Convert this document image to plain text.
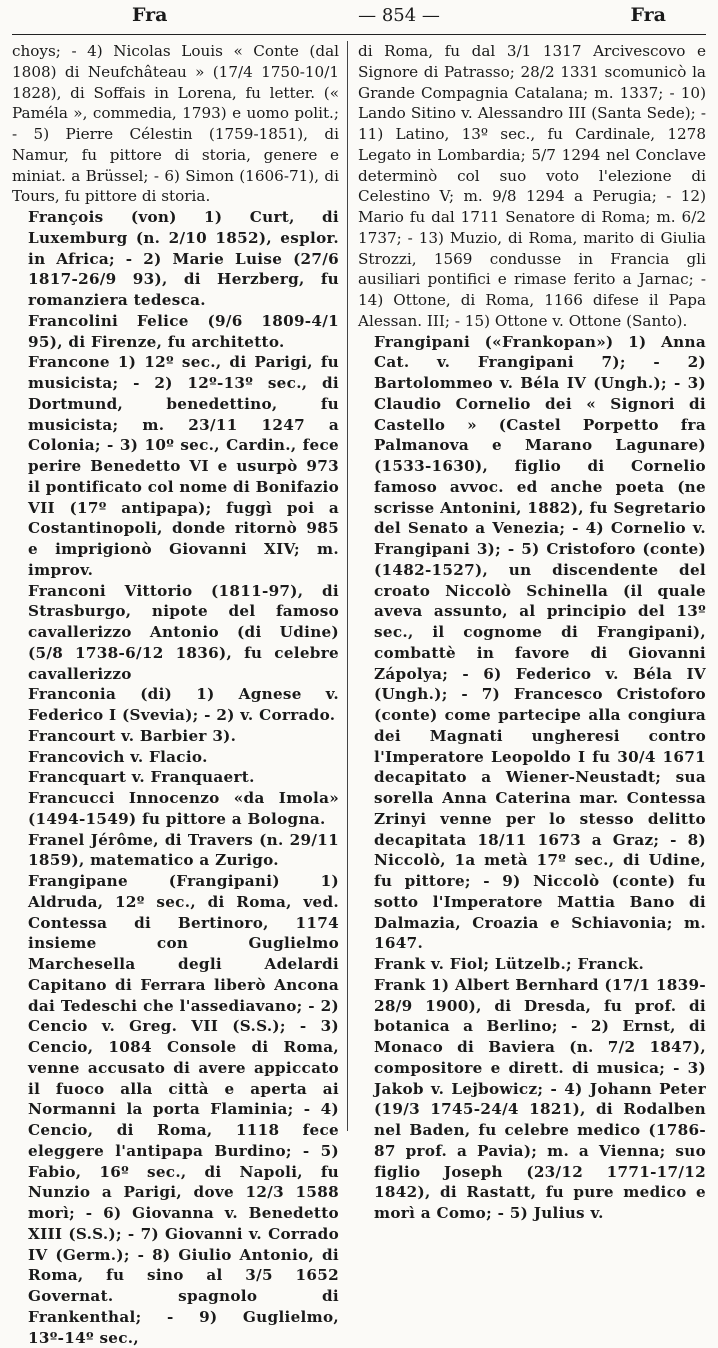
Fra	— 854 —	Fra

choys; - 4) Nicolas Louis « Conte (dal 1808) di Neufchâteau » (17/4 1750-10/1 1828), di Soffais in Lorena, fu letter. (« Paméla », commedia, 1793) e uomo polit.; - 5) Pierre Célestin (1759-1851), di Namur, fu pittore di storia, genere e miniat. a Brüssel; - 6) Simon (1606-71), di Tours, fu pittore di storia.

François (von) 1) Curt, di Luxemburg (n. 2/10 1852), esplor. in Africa; - 2) Marie Luise (27/6 1817-26/9 93), di Herzberg, fu romanziera tedesca.

Francolini Felice (9/6 1809-4/1 95), di Firenze, fu architetto.

Francone 1) 12º sec., di Parigi, fu musicista; - 2) 12º-13º sec., di Dortmund, benedettino, fu musicista; m. 23/11 1247 a Colonia; - 3) 10º sec., Cardin., fece perire Benedetto VI e usurpò 973 il pontificato col nome di Bonifazio VII (17º antipapa); fuggì poi a Costantinopoli, donde ritornò 985 e imprigionò Giovanni XIV; m. improv.

Franconi Vittorio (1811-97), di Strasburgo, nipote del famoso cavallerizzo Antonio (di Udine) (5/8 1738-6/12 1836), fu celebre cavallerizzo

Franconia (di) 1) Agnese v. Federico I (Svevia); - 2) v. Corrado.

Francourt v. Barbier 3).

Francovich v. Flacio.

Francquart v. Franquaert.

Francucci Innocenzo «da Imola» (1494-1549) fu pittore a Bologna.

Franel Jérôme, di Travers (n. 29/11 1859), matematico a Zurigo.

Frangipane (Frangipani) 1) Aldruda, 12º sec., di Roma, ved. Contessa di Bertinoro, 1174 insieme con Guglielmo Marchesella degli Adelardi Capitano di Ferrara liberò Ancona dai Tedeschi che l'assediavano; - 2) Cencio v. Greg. VII (S.S.); - 3) Cencio, 1084 Console di Roma, venne accusato di avere appiccato il fuoco alla città e aperta ai Normanni la porta Flaminia; - 4) Cencio, di Roma, 1118 fece eleggere l'antipapa Burdino; - 5) Fabio, 16º sec., di Napoli, fu Nunzio a Parigi, dove 12/3 1588 morì; - 6) Giovanna v. Benedetto XIII (S.S.); - 7) Giovanni v. Corrado IV (Germ.); - 8) Giulio Antonio, di Roma, fu sino al 3/5 1652 Governat. spagnolo di Frankenthal; - 9) Guglielmo, 13º-14º sec.,

di Roma, fu dal 3/1 1317 Arcivescovo e Signore di Patrasso; 28/2 1331 scomunicò la Grande Compagnia Catalana; m. 1337; - 10) Lando Sitino v. Alessandro III (Santa Sede); - 11) Latino, 13º sec., fu Cardinale, 1278 Legato in Lombardia; 5/7 1294 nel Conclave determinò col suo voto l'elezione di Celestino V; m. 9/8 1294 a Perugia; - 12) Mario fu dal 1711 Senatore di Roma; m. 6/2 1737; - 13) Muzio, di Roma, marito di Giulia Strozzi, 1569 condusse in Francia gli ausiliari pontifici e rimase ferito a Jarnac; - 14) Ottone, di Roma, 1166 difese il Papa Alessan. III; - 15) Ottone v. Ottone (Santo).

Frangipani («Frankopan») 1) Anna Cat. v. Frangipani 7); - 2) Bartolommeo v. Béla IV (Ungh.); - 3) Claudio Cornelio dei « Signori di Castello » (Castel Porpetto fra Palmanova e Marano Lagunare) (1533-1630), figlio di Cornelio famoso avvoc. ed anche poeta (ne scrisse Antonini, 1882), fu Segretario del Senato a Venezia; - 4) Cornelio v. Frangipani 3); - 5) Cristoforo (conte) (1482-1527), un discendente del croato Niccolò Schinella (il quale aveva assunto, al principio del 13º sec., il cognome di Frangipani), combattè in favore di Giovanni Zápolya; - 6) Federico v. Béla IV (Ungh.); - 7) Francesco Cristoforo (conte) come partecipe alla congiura dei Magnati ungheresi contro l'Imperatore Leopoldo I fu 30/4 1671 decapitato a Wiener-Neustadt; sua sorella Anna Caterina mar. Contessa Zrinyi venne per lo stesso delitto decapitata 18/11 1673 a Graz; - 8) Niccolò, 1a metà 17º sec., di Udine, fu pittore; - 9) Niccolò (conte) fu sotto l'Imperatore Mattia Bano di Dalmazia, Croazia e Schiavonia; m. 1647.

Frank v. Fiol; Lützelb.; Franck.

Frank 1) Albert Bernhard (17/1 1839-28/9 1900), di Dresda, fu prof. di botanica a Berlino; - 2) Ernst, di Monaco di Baviera (n. 7/2 1847), compositore e dirett. di musica; - 3) Jakob v. Lejbowicz; - 4) Johann Peter (19/3 1745-24/4 1821), di Rodalben nel Baden, fu celebre medico (1786-87 prof. a Pavia); m. a Vienna; suo figlio Joseph (23/12 1771-17/12 1842), di Rastatt, fu pure medico e morì a Como; - 5) Julius v.
